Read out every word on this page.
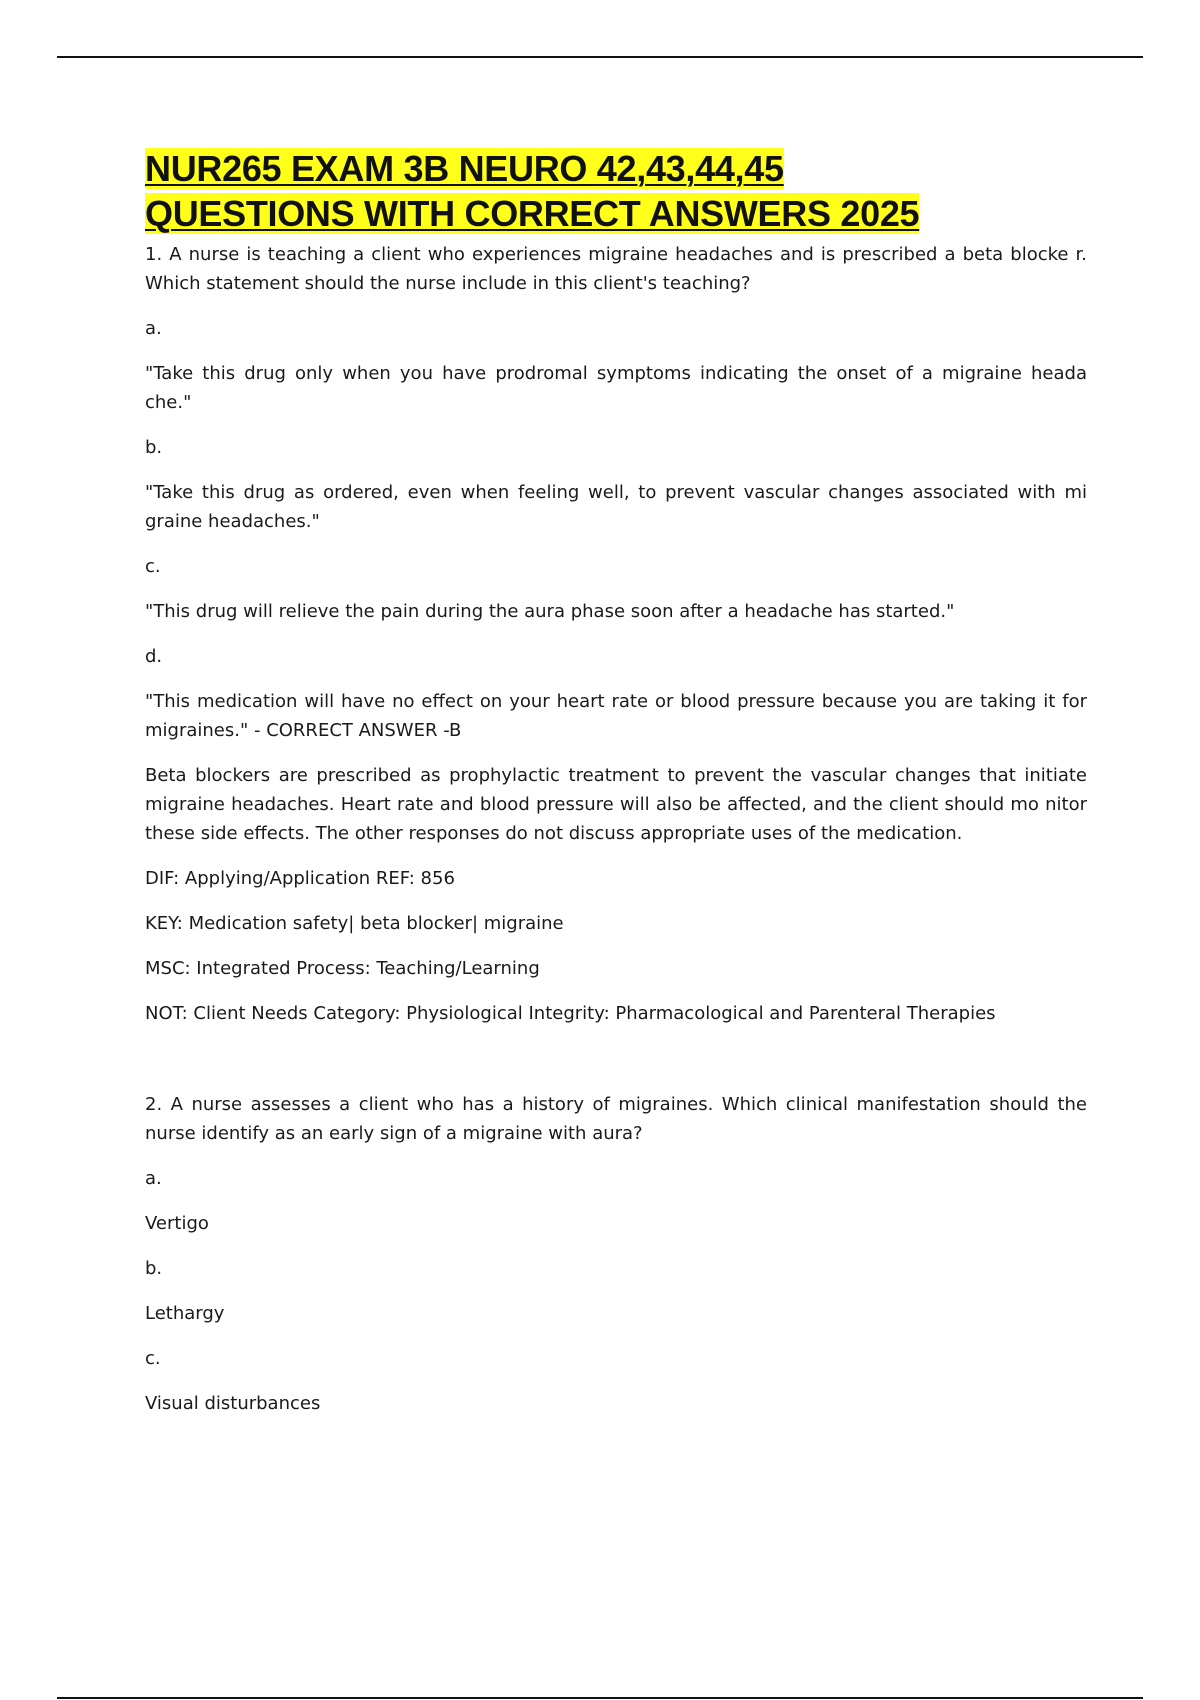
NUR265 EXAM 3B NEURO 42,43,44,45
QUESTIONS WITH CORRECT ANSWERS 2025

1. A nurse is teaching a client who experiences migraine headaches and is prescribed a beta blocke r. Which statement should the nurse include in this client's teaching?

a.

"Take this drug only when you have prodromal symptoms indicating the onset of a migraine heada che."

b.

"Take this drug as ordered, even when feeling well, to prevent vascular changes associated with mi graine headaches."

c.

"This drug will relieve the pain during the aura phase soon after a headache has started."

d.

"This medication will have no effect on your heart rate or blood pressure because you are taking it for migraines." - CORRECT ANSWER -B

Beta blockers are prescribed as prophylactic treatment to prevent the vascular changes that initiate migraine headaches. Heart rate and blood pressure will also be affected, and the client should mo nitor these side effects. The other responses do not discuss appropriate uses of the medication.

DIF: Applying/Application REF: 856

KEY: Medication safety| beta blocker| migraine

MSC: Integrated Process: Teaching/Learning

NOT: Client Needs Category: Physiological Integrity: Pharmacological and Parenteral Therapies

2. A nurse assesses a client who has a history of migraines. Which clinical manifestation should the nurse identify as an early sign of a migraine with aura?

a.

Vertigo

b.

Lethargy

c.

Visual disturbances
